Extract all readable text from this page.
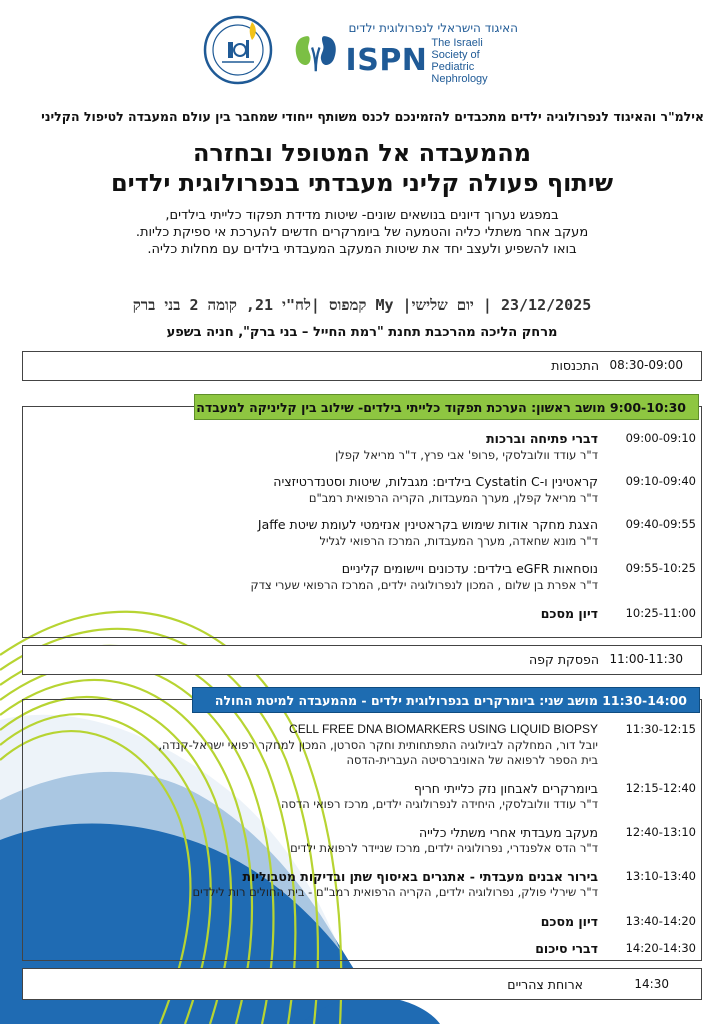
האיגוד הישראלי לנפרולוגית ילדים
ISPN The Israeli Society of
Pediatric Nephrology
אילמ"ר והאיגוד לנפרולוגיה ילדים מתכבדים להזמינכם לכנס משותף ייחודי שמחבר בין עולם המעבדה לטיפול הקליני
מהמעבדה אל המטופל ובחזרה
שיתוף פעולה קליני מעבדתי בנפרולוגית ילדים
במפגש נערוך דיונים בנושאים שונים- שיטות מדידת תפקוד כלייתי בילדים,
מעקב אחר משתלי כליה והטמעה של ביומרקרים חדשים להערכת אי ספיקת כליות.
בואו להשפיע ולעצב יחד את שיטות המעקב המעבדתי בילדים עם מחלות כליה.
23/12/2025 | יום שלישי| My קמפוס |לח"י 21, קומה 2 בני ברק
מרחק הליכה מהרכבת תחנת "רמת החייל – בני ברק", חניה בשפע
08:30-09:00
התכנסות
9:00-10:30 מושב ראשון: הערכת תפקוד כלייתי בילדים- שילוב בין קליניקה למעבדה
09:00-09:10
דברי פתיחה וברכות
ד"ר עודד וולובלסקי ,פרופ' אבי פרץ, ד"ר מריאל קפלן
09:10-09:40
קראטינין ו-Cystatin C בילדים: מגבלות, שיטות וסטנדרטיזציה
ד"ר מריאל קפלן, מערך המעבדות, הקריה הרפואית רמב"ם
09:40-09:55
הצגת מחקר אודות שימוש בקראטינין אנזימטי לעומת שיטת Jaffe
ד"ר מונא שחאדה, מערך המעבדות, המרכז הרפואי לגליל
09:55-10:25
נוסחאות eGFR בילדים: עדכונים ויישומים קליניים
ד"ר אפרת בן שלום , המכון לנפרולוגיה ילדים, המרכז הרפואי שערי צדק
10:25-11:00
דיון מסכם
11:00-11:30
הפסקת קפה
11:30-14:00 מושב שני: ביומרקרים בנפרולוגית ילדים - מהמעבדה למיטת החולה
11:30-12:15
CELL FREE DNA BIOMARKERS USING LIQUID BIOPSY
יובל דור, המחלקה לביולוגיה התפתחותית וחקר הסרטן, המכון למחקר רפואי ישראל-קנדה,
בית הספר לרפואה של האוניברסיטה העברית-הדסה
12:15-12:40
ביומרקרים לאבחון נזק כלייתי חריף
ד"ר עודד וולובלסקי, היחידה לנפרולוגיה ילדים, מרכז רפואי הדסה
12:40-13:10
מעקב מעבדתי אחרי משתלי כלייה
ד"ר הדס אלפנדרי, נפרולוגיה ילדים, מרכז שניידר לרפואת ילדים
13:10-13:40
בירור אבנים מעבדתי - אתגרים באיסוף שתן ובדיקות מטבוליות
ד"ר שירלי פולק, נפרולוגיה ילדים, הקריה הרפואית רמב"ם - בית החולים רות לילדים
13:40-14:20
דיון מסכם
14:20-14:30
דברי סיכום
14:30
ארוחת צהריים
